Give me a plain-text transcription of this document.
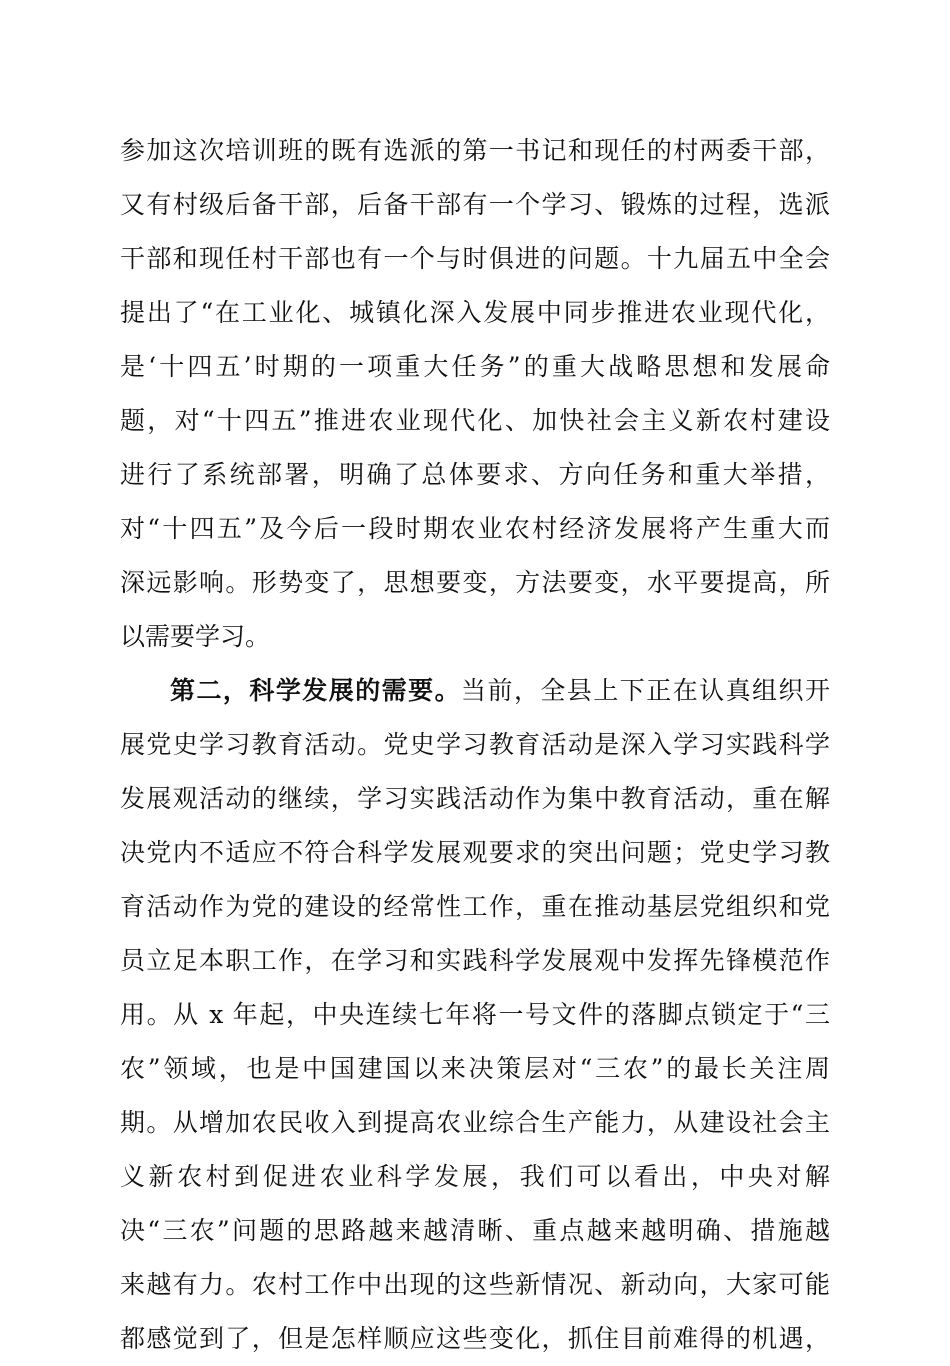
参加这次培训班的既有选派的第一书记和现任的村两委干部，
又有村级后备干部，后备干部有一个学习、锻炼的过程，选派
干部和现任村干部也有一个与时俱进的问题。十九届五中全会
提出了“在工业化、城镇化深入发展中同步推进农业现代化，
是‘十四五’时期的一项重大任务”的重大战略思想和发展命
题，对“十四五”推进农业现代化、加快社会主义新农村建设
进行了系统部署，明确了总体要求、方向任务和重大举措，
对“十四五”及今后一段时期农业农村经济发展将产生重大而
深远影响。形势变了，思想要变，方法要变，水平要提高，所
以需要学习。
第二，科学发展的需要。当前，全县上下正在认真组织开
展党史学习教育活动。党史学习教育活动是深入学习实践科学
发展观活动的继续，学习实践活动作为集中教育活动，重在解
决党内不适应不符合科学发展观要求的突出问题；党史学习教
育活动作为党的建设的经常性工作，重在推动基层党组织和党
员立足本职工作，在学习和实践科学发展观中发挥先锋模范作
用。从 x 年起，中央连续七年将一号文件的落脚点锁定于“三
农”领域，也是中国建国以来决策层对“三农”的最长关注周
期。从增加农民收入到提高农业综合生产能力，从建设社会主
义新农村到促进农业科学发展，我们可以看出，中央对解
决“三农”问题的思路越来越清晰、重点越来越明确、措施越
来越有力。农村工作中出现的这些新情况、新动向，大家可能
都感觉到了，但是怎样顺应这些变化，抓住目前难得的机遇，
